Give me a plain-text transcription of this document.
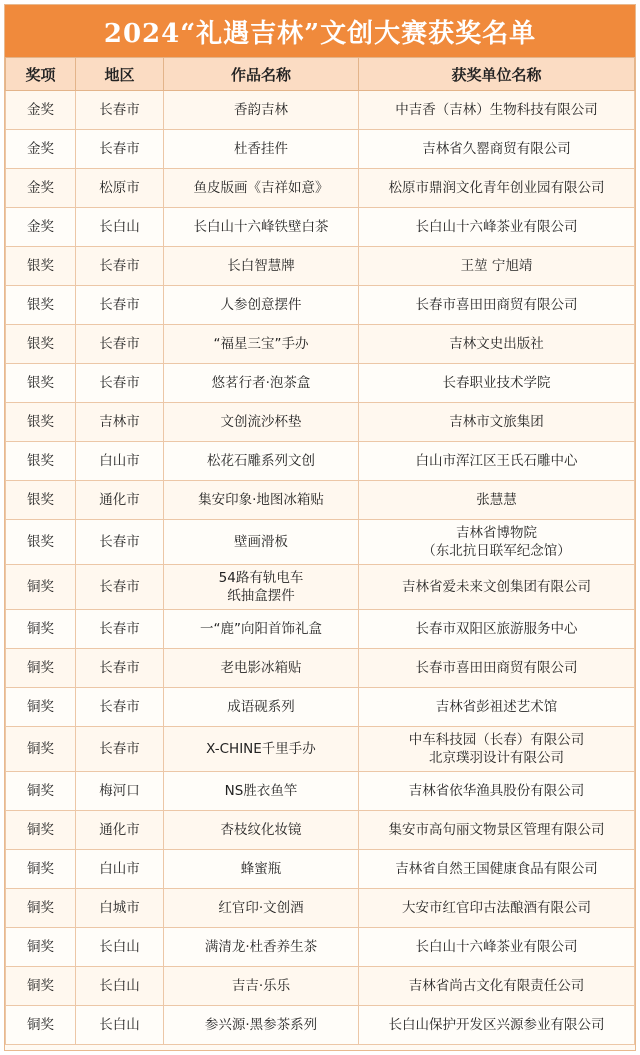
2024“礼遇吉林”文创大赛获奖名单
奖项	地区	作品名称	获奖单位名称
金奖	长春市	香韵吉林	中吉香（吉林）生物科技有限公司

金奖	长春市	杜香挂件	吉林省久罂商贸有限公司

金奖	松原市	鱼皮版画《吉祥如意》	松原市鼎润文化青年创业园有限公司

金奖	长白山	长白山十六峰铁壁白茶	长白山十六峰茶业有限公司

银奖	长春市	长白智慧牌	王堃 宁旭靖

银奖	长春市	人参创意摆件	长春市喜田田商贸有限公司

银奖	长春市	“福星三宝”手办	吉林文史出版社

银奖	长春市	悠茗行者·泡茶盒	长春职业技术学院

银奖	吉林市	文创流沙杯垫	吉林市文旅集团

银奖	白山市	松花石雕系列文创	白山市浑江区王氏石雕中心

银奖	通化市	集安印象·地图冰箱贴	张慧慧

银奖	长春市	壁画滑板	吉林省博物院
（东北抗日联军纪念馆）

铜奖	长春市	54路有轨电车
纸抽盒摆件	吉林省爱未来文创集团有限公司

铜奖	长春市	一“鹿”向阳首饰礼盒	长春市双阳区旅游服务中心

铜奖	长春市	老电影冰箱贴	长春市喜田田商贸有限公司

铜奖	长春市	成语砚系列	吉林省彭祖述艺术馆

铜奖	长春市	X-CHINE千里手办	中车科技园（长春）有限公司
北京璞羽设计有限公司

铜奖	梅河口	NS胜衣鱼竿	吉林省依华渔具股份有限公司

铜奖	通化市	杏枝纹化妆镜	集安市高句丽文物景区管理有限公司

铜奖	白山市	蜂蜜瓶	吉林省自然王国健康食品有限公司

铜奖	白城市	红官印·文创酒	大安市红官印古法酿酒有限公司

铜奖	长白山	满清龙·杜香养生茶	长白山十六峰茶业有限公司

铜奖	长白山	吉吉·乐乐	吉林省尚古文化有限责任公司

铜奖	长白山	参兴源·黑参茶系列	长白山保护开发区兴源参业有限公司
